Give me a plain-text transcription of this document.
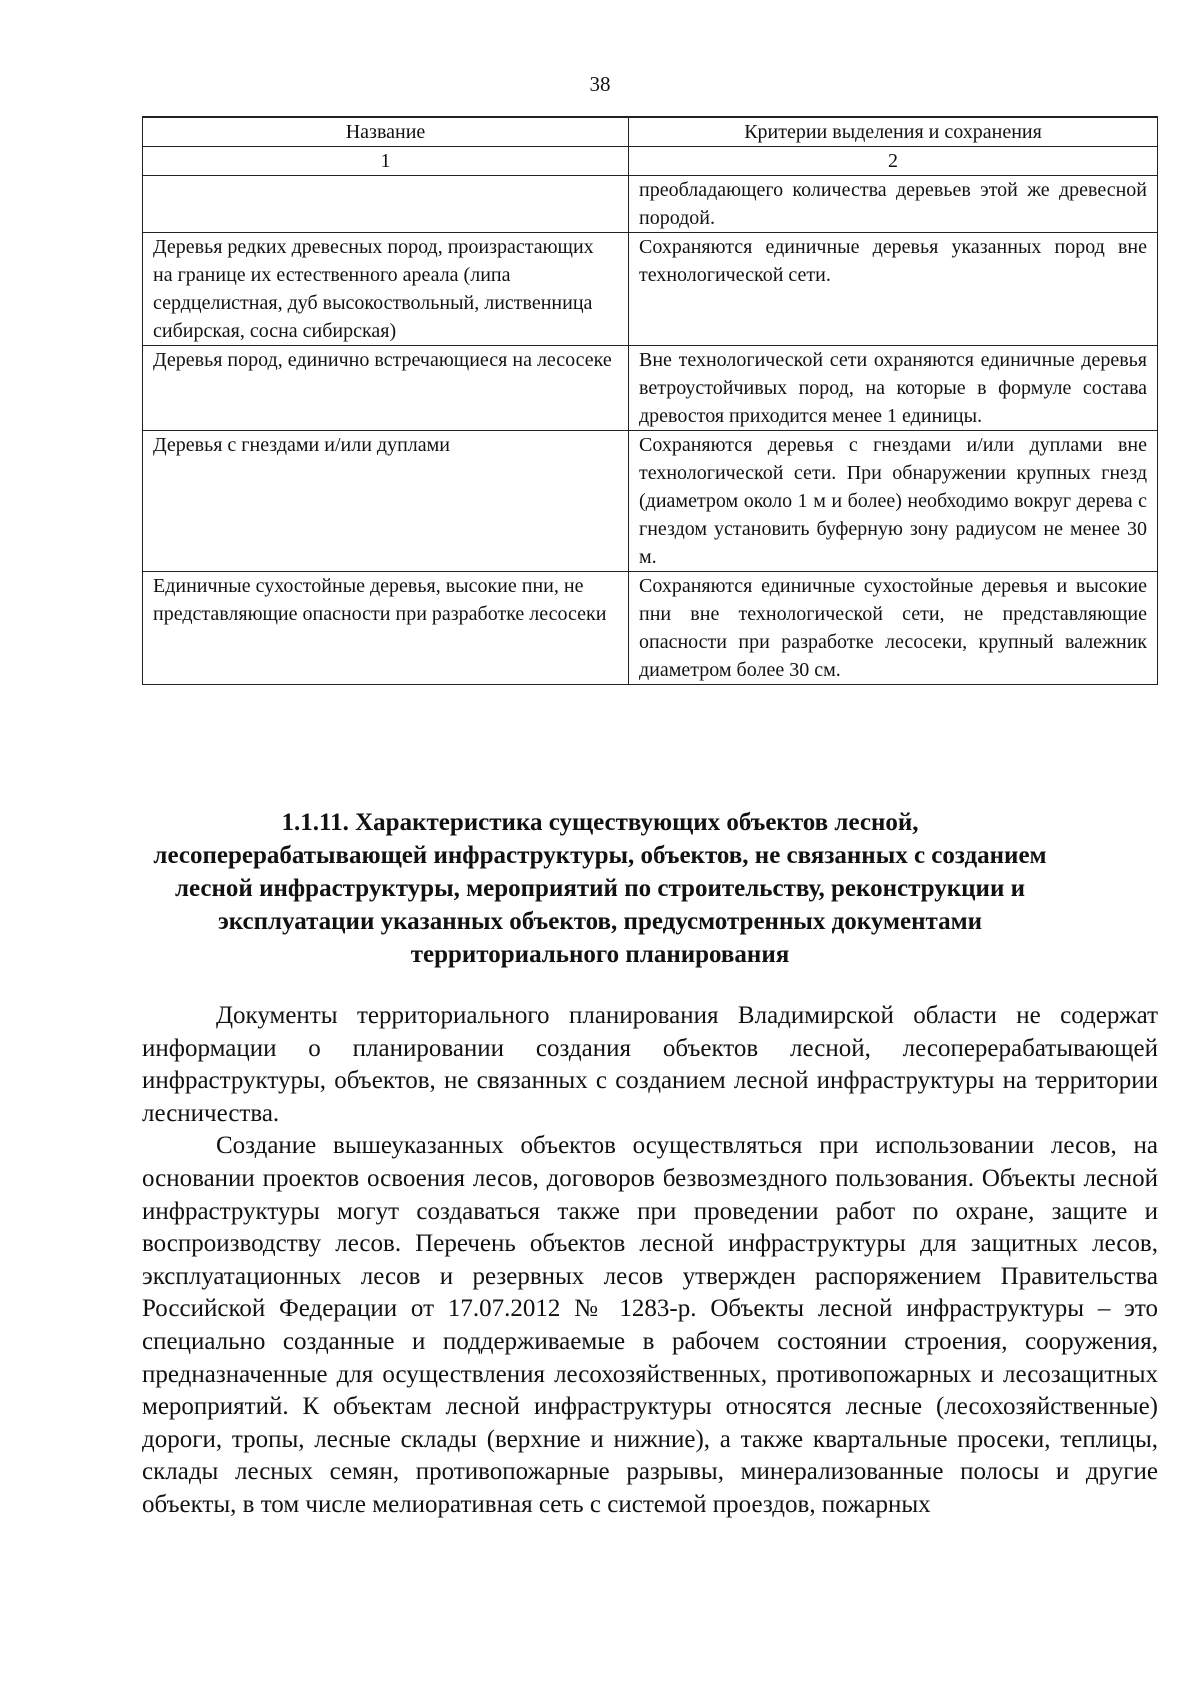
38
Название	Критерии выделения и сохранения
1	2
	преобладающего количества деревьев этой же древесной породой.
Деревья редких древесных пород, произрастающих на границе их естественного ареала (липа сердцелистная, дуб высокоствольный, лиственница сибирская, сосна сибирская)	Сохраняются единичные деревья указанных пород вне технологической сети.
Деревья пород, единично встречающиеся на лесосеке	Вне технологической сети охраняются единичные деревья ветроустойчивых пород, на которые в формуле состава древостоя приходится менее 1 единицы.
Деревья с гнездами и/или дуплами	Сохраняются деревья с гнездами и/или дуплами вне технологической сети. При обнаружении крупных гнезд (диаметром около 1 м и более) необходимо вокруг дерева с гнездом установить буферную зону радиусом не менее 30 м.
Единичные сухостойные деревья, высокие пни, не представляющие опасности при разработке лесосеки	Сохраняются единичные сухостойные деревья и высокие пни вне технологической сети, не представляющие опасности при разработке лесосеки, крупный валежник диаметром более 30 см.
1.1.11. Характеристика существующих объектов лесной, лесоперерабатывающей инфраструктуры, объектов, не связанных с созданием лесной инфраструктуры, мероприятий по строительству, реконструкции и эксплуатации указанных объектов, предусмотренных документами территориального планирования

Документы территориального планирования Владимирской области не содержат информации о планировании создания объектов лесной, лесоперерабатывающей инфраструктуры, объектов, не связанных с созданием лесной инфраструктуры на территории лесничества.

Создание вышеуказанных объектов осуществляться при использовании лесов, на основании проектов освоения лесов, договоров безвозмездного пользования. Объекты лесной инфраструктуры могут создаваться также при проведении работ по охране, защите и воспроизводству лесов. Перечень объектов лесной инфраструктуры для защитных лесов, эксплуатационных лесов и резервных лесов утвержден распоряжением Правительства Российской Федерации от 17.07.2012 № 1283-р. Объекты лесной инфраструктуры – это специально созданные и поддерживаемые в рабочем состоянии строения, сооружения, предназначенные для осуществления лесохозяйственных, противопожарных и лесозащитных мероприятий. К объектам лесной инфраструктуры относятся лесные (лесохозяйственные) дороги, тропы, лесные склады (верхние и нижние), а также квартальные просеки, теплицы, склады лесных семян, противопожарные разрывы, минерализованные полосы и другие объекты, в том числе мелиоративная сеть с системой проездов, пожарных
